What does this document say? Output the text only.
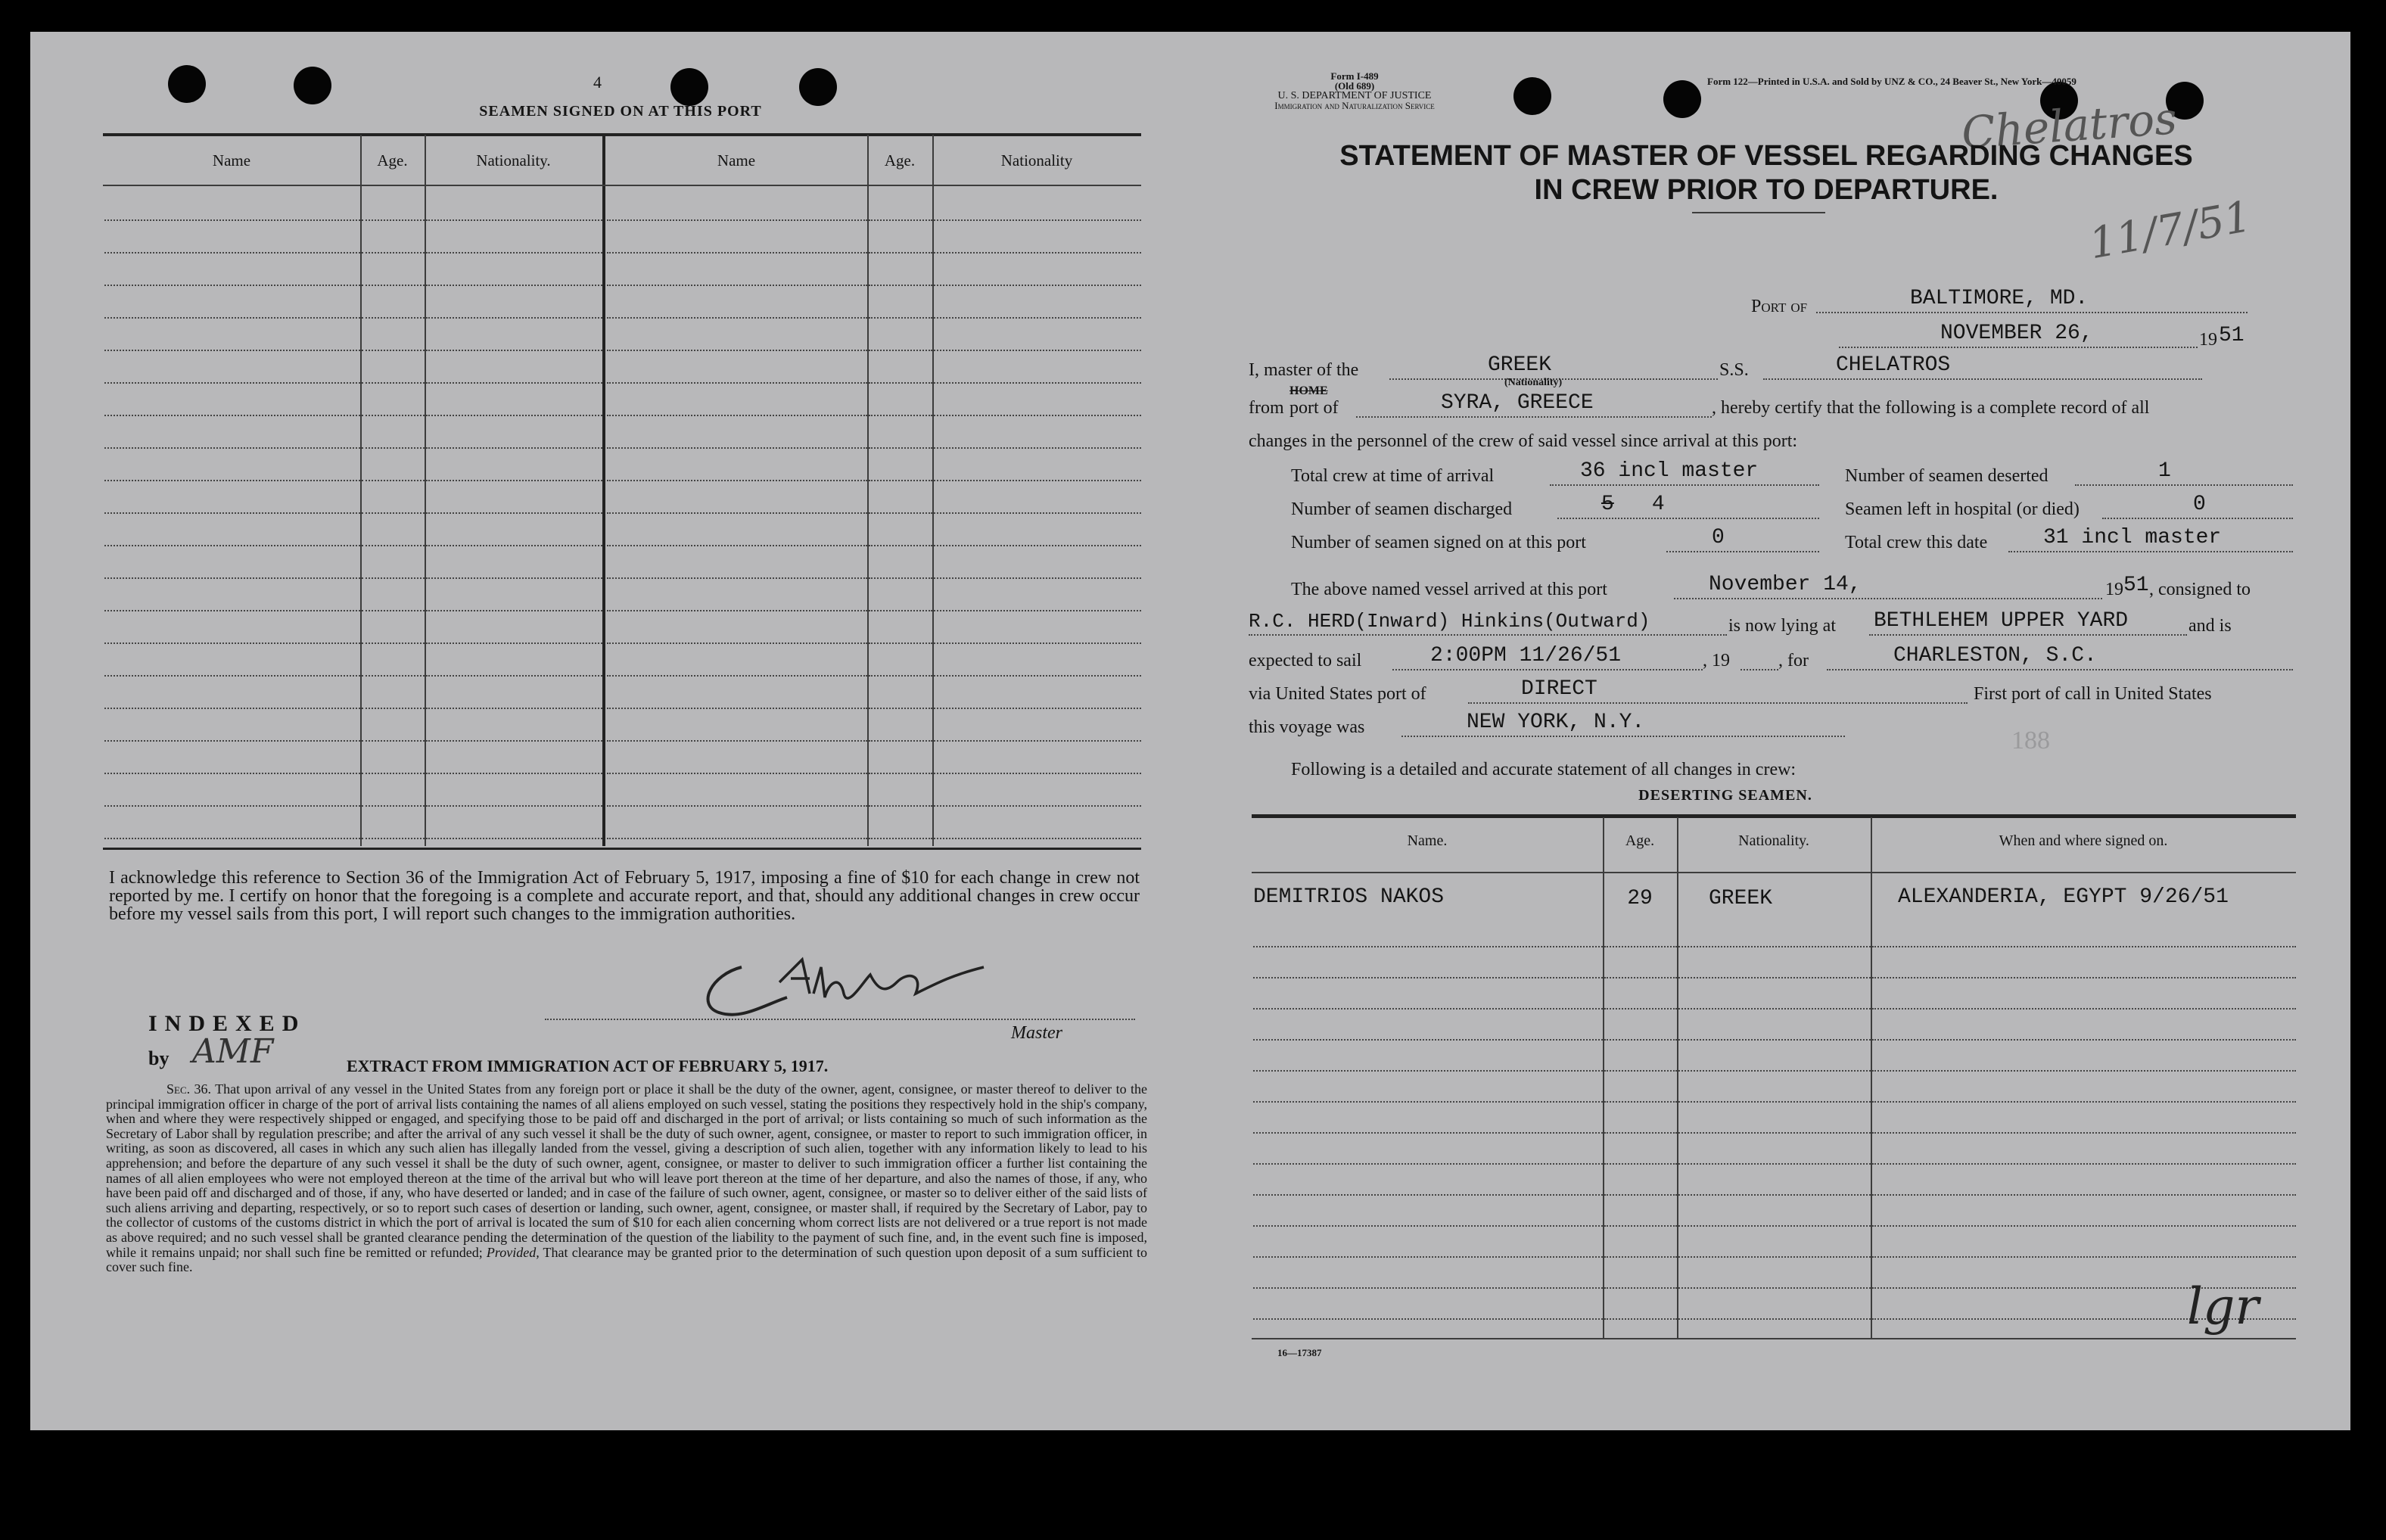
4
SEAMEN SIGNED ON AT THIS PORT
Name	Age.	Nationality.	Name	Age.	Nationality
I acknowledge this reference to Section 36 of the Immigration Act of February 5, 1917, imposing a fine of $10 for each change in crew not reported by me. I certify on honor that the foregoing is a complete and accurate report, and that, should any additional changes in crew occur before my vessel sails from this port, I will report such changes to the immigration authorities.
Master
INDEXED
by AMF	EXTRACT FROM IMMIGRATION ACT OF FEBRUARY 5, 1917.
Sec. 36. That upon arrival of any vessel in the United States from any foreign port or place it shall be the duty of the owner, agent, consignee, or master thereof to deliver to the principal immigration officer in charge of the port of arrival lists containing the names of all aliens employed on such vessel, stating the positions they respectively hold in the ship's company, when and where they were respectively shipped or engaged, and specifying those to be paid off and discharged in the port of arrival; or lists containing so much of such information as the Secretary of Labor shall by regulation prescribe; and after the arrival of any such vessel it shall be the duty of such owner, agent, consignee, or master to report to such immigration officer, in writing, as soon as discovered, all cases in which any such alien has illegally landed from the vessel, giving a description of such alien, together with any information likely to lead to his apprehension; and before the departure of any such vessel it shall be the duty of such owner, agent, consignee, or master to deliver to such immigration officer a further list containing the names of all alien employees who were not employed thereon at the time of the arrival but who will leave port thereon at the time of her departure, and also the names of those, if any, who have been paid off and discharged and of those, if any, who have deserted or landed; and in case of the failure of such owner, agent, consignee, or master so to deliver either of the said lists of such aliens arriving and departing, respectively, or so to report such cases of desertion or landing, such owner, agent, consignee, or master shall, if required by the Secretary of Labor, pay to the collector of customs of the customs district in which the port of arrival is located the sum of $10 for each alien concerning whom correct lists are not delivered or a true report is not made as above required; and no such vessel shall be granted clearance pending the determination of the question of the liability to the payment of such fine, and, in the event such fine is imposed, while it remains unpaid; nor shall such fine be remitted or refunded; Provided, That clearance may be granted prior to the determination of such question upon deposit of a sum sufficient to cover such fine.
Form I-489
(Old 689)
U. S. DEPARTMENT OF JUSTICE
Immigration and Naturalization Service
Form 122—Printed in U.S.A. and Sold by UNZ & CO., 24 Beaver St., New York—40059
Chelatros
11/7/51
STATEMENT OF MASTER OF VESSEL REGARDING CHANGES
IN CREW PRIOR TO DEPARTURE.
Port of	BALTIMORE, MD.
NOVEMBER 26,	19 51
I, master of the	GREEK
(Nationality)
S.S.	CHELATROS
from
HOME
port of	SYRA, GREECE	, hereby certify that the following is a complete record of all
changes in the personnel of the crew of said vessel since arrival at this port:
Total crew at time of arrival	36 incl master	Number of seamen deserted	1
Number of seamen discharged	5 4	Seamen left in hospital (or died)	0
Number of seamen signed on at this port	0	Total crew this date	31 incl master
The above named vessel arrived at this port	November 14,	19 51 , consigned to
R.C. HERD(Inward) Hinkins(Outward)	is now lying at BETHLEHEM UPPER YARD	and is
expected to sail	2:00PM 11/26/51	, 19	, for	CHARLESTON, S.C.
via United States port of	DIRECT	First port of call in United States
this voyage was	NEW YORK, N.Y.
188
Following is a detailed and accurate statement of all changes in crew:
DESERTING SEAMEN.
Name.	Age.	Nationality.	When and where signed on.
DEMITRIOS NAKOS	29	GREEK	ALEXANDERIA, EGYPT 9/26/51
16—17387
lgr
